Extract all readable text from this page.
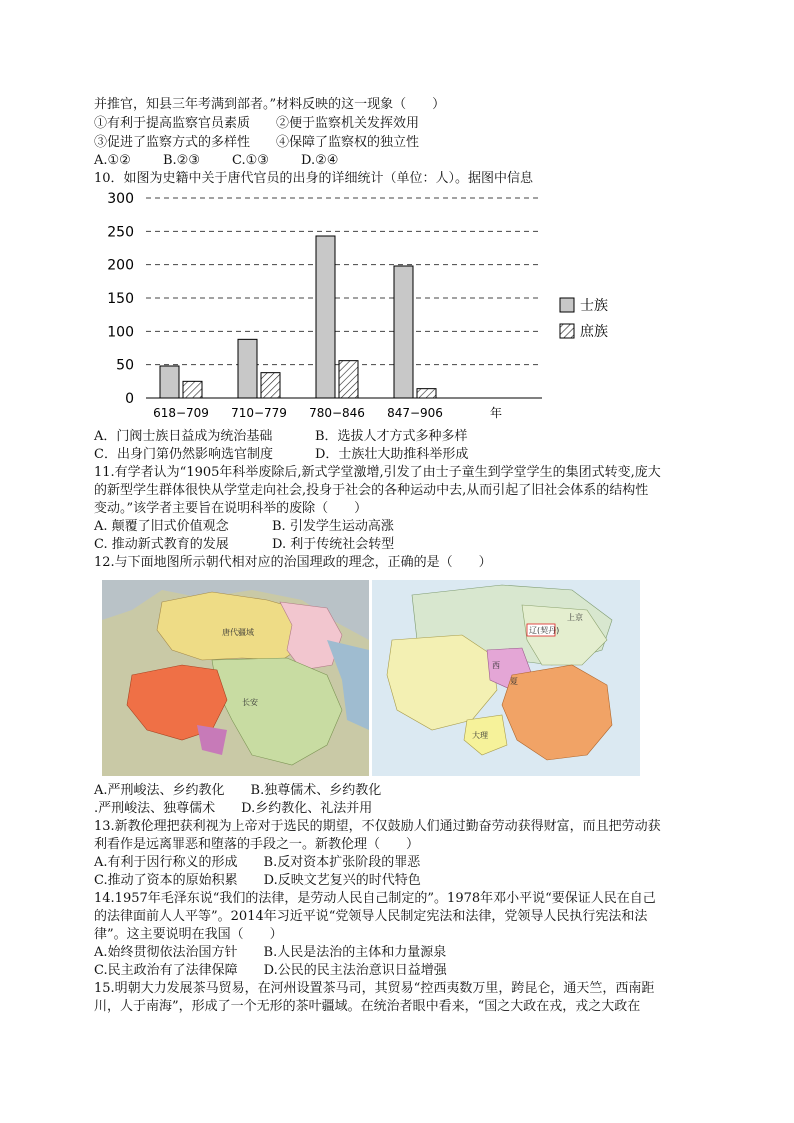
并推官，知县三年考满到部者。”材料反映的这一现象（　　）
①有利于提高监察官员素质　　②便于监察机关发挥效用
③促进了监察方式的多样性　　④保障了监察权的独立性
A.①② B.②③ C.①③ D.②④
10．如图为史籍中关于唐代官员的出身的详细统计（单位：人）。据图中信息
0
50
100
150
200
250
300
618−709 710−779 780−846 847−906	年
士族
庶族
A．门阀士族日益成为统治基础	B．选拔人才方式多种多样
C．出身门第仍然影响选官制度	D．士族壮大助推科举形成
11.有学者认为“1905年科举废除后,新式学堂激增,引发了由士子童生到学堂学生的集团式转变,庞大
的新型学生群体很快从学堂走向社会,投身于社会的各种运动中去,从而引起了旧社会体系的结构性
变动。”该学者主要旨在说明科举的废除（　　）
A. 颠覆了旧式价值观念	B. 引发学生运动高涨
C. 推动新式教育的发展	D. 利于传统社会转型
12.与下面地图所示朝代相对应的治国理政的理念，正确的是（　　）
唐代疆域
长安
辽(契丹)
西
夏
大理
上京
A.严刑峻法、乡约教化　　B.独尊儒术、乡约教化
.严刑峻法、独尊儒术　　D.乡约教化、礼法并用
13.新教伦理把获利视为上帝对于选民的期望，不仅鼓励人们通过勤奋劳动获得财富，而且把劳动获
利看作是远离罪恶和堕落的手段之一。新教伦理（　　）
A.有利于因行称义的形成　　B.反对资本扩张阶段的罪恶
C.推动了资本的原始积累　　D.反映文艺复兴的时代特色
14.1957年毛泽东说“我们的法律，是劳动人民自己制定的”。1978年邓小平说“要保证人民在自己
的法律面前人人平等”。2014年习近平说“党领导人民制定宪法和法律，党领导人民执行宪法和法
律”。这主要说明在我国（　　）
A.始终贯彻依法治国方针　　B.人民是法治的主体和力量源泉
C.民主政治有了法律保障　　D.公民的民主法治意识日益增强
15.明朝大力发展茶马贸易，在河州设置茶马司，其贸易“控西夷数万里，跨昆仑，通天竺，西南距
川，人于南海”，形成了一个无形的茶叶疆域。在统治者眼中看来，“国之大政在戎，戎之大政在
